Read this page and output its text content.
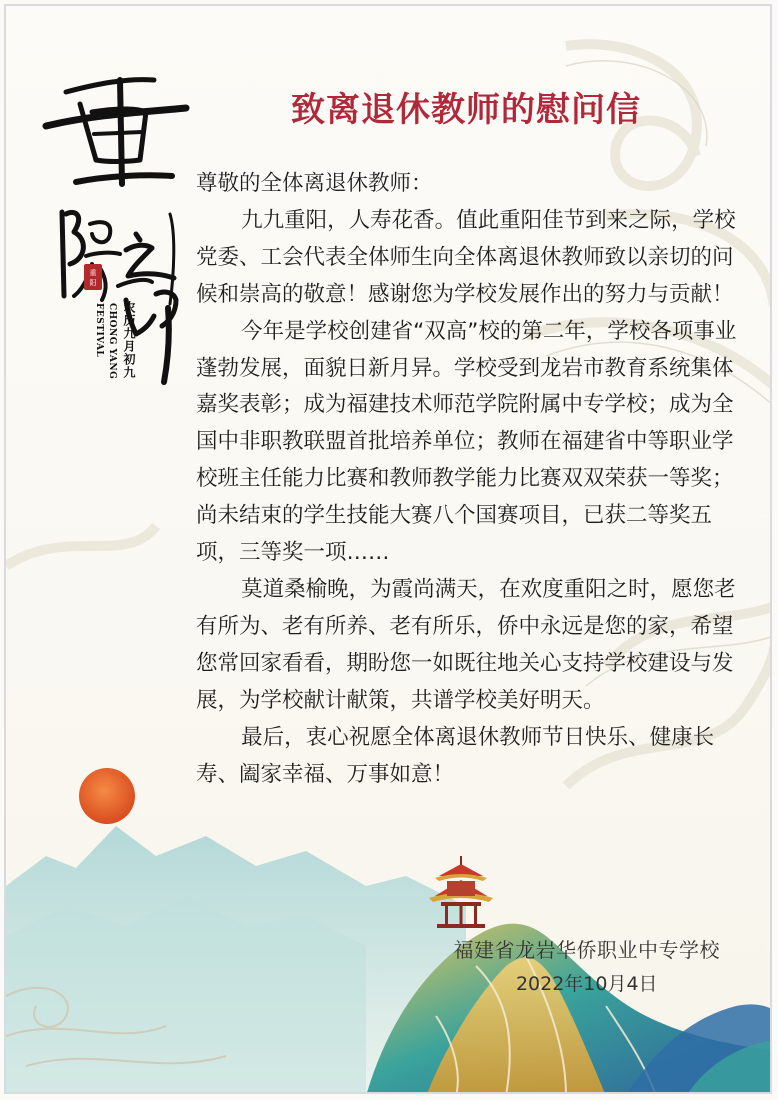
重
阳
农历九月初九
CHONG YANG
FESTIVAL
致离退休教师的慰问信

尊敬的全体离退休教师：

九九重阳，人寿花香。值此重阳佳节到来之际，学校党委、工会代表全体师生向全体离退休教师致以亲切的问候和崇高的敬意！感谢您为学校发展作出的努力与贡献！

今年是学校创建省“双高”校的第二年，学校各项事业蓬勃发展，面貌日新月异。学校受到龙岩市教育系统集体嘉奖表彰；成为福建技术师范学院附属中专学校；成为全国中非职教联盟首批培养单位；教师在福建省中等职业学校班主任能力比赛和教师教学能力比赛双双荣获一等奖；尚未结束的学生技能大赛八个国赛项目，已获二等奖五项，三等奖一项……

莫道桑榆晚，为霞尚满天，在欢度重阳之时，愿您老有所为、老有所养、老有所乐，侨中永远是您的家，希望您常回家看看，期盼您一如既往地关心支持学校建设与发展，为学校献计献策，共谱学校美好明天。

最后，衷心祝愿全体离退休教师节日快乐、健康长寿、阖家幸福、万事如意！

福建省龙岩华侨职业中专学校
2022年10月4日
